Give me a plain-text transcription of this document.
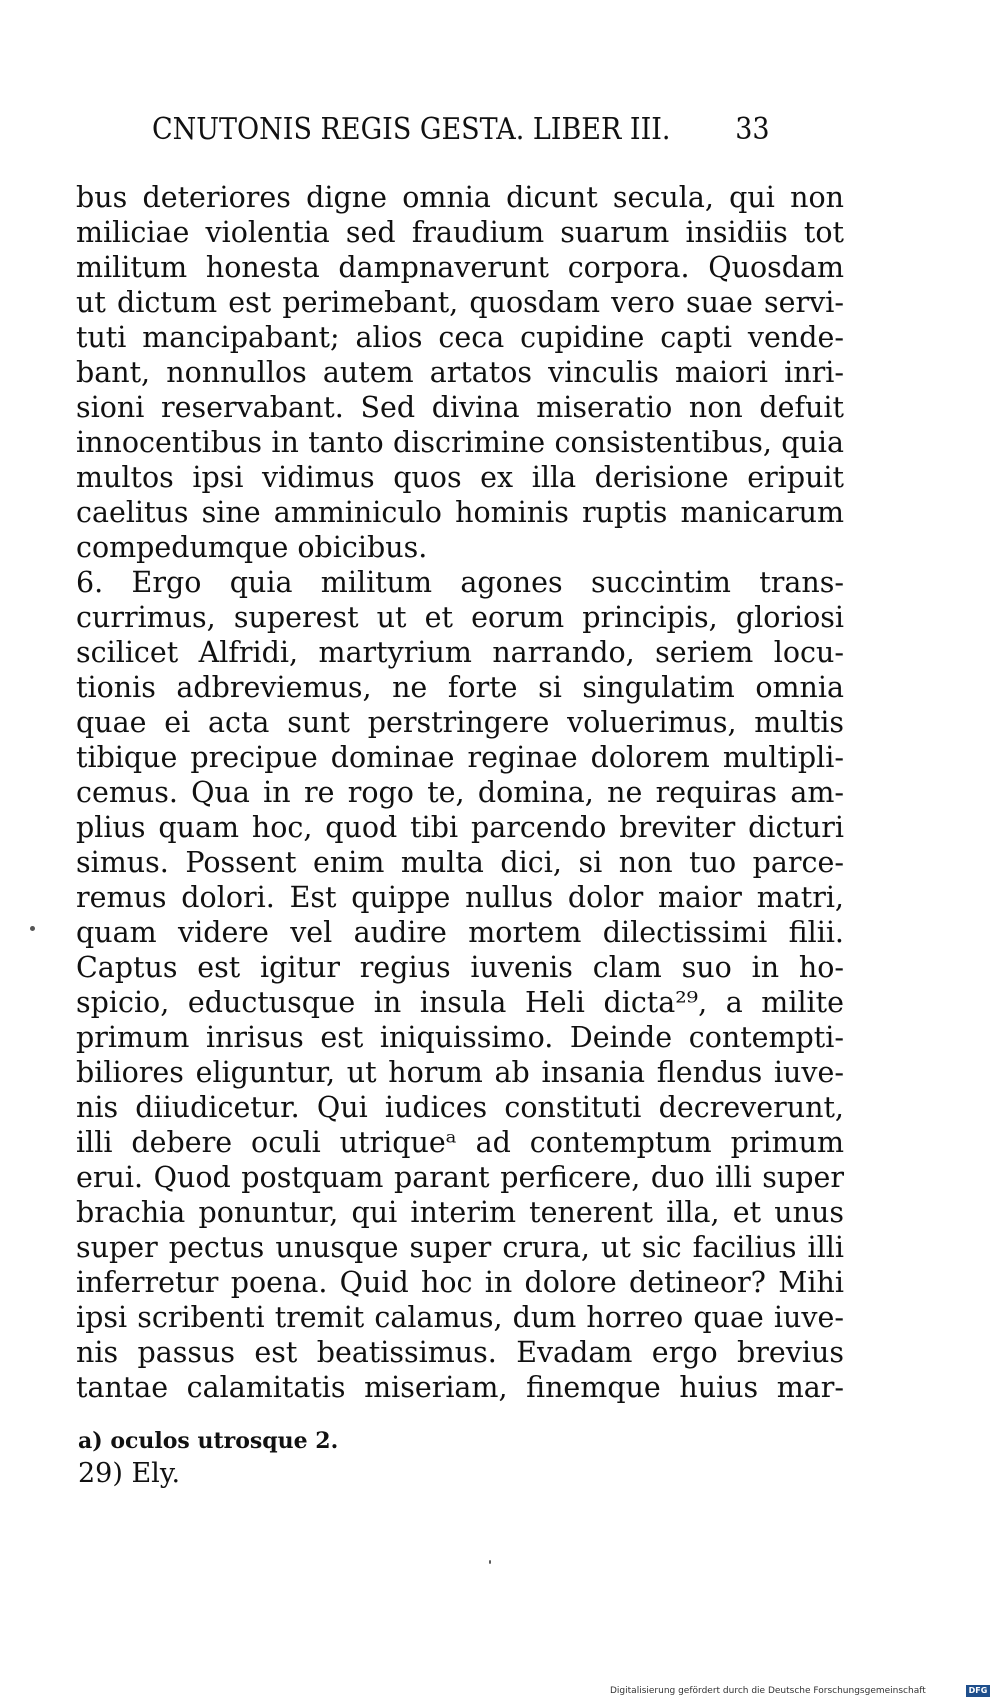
CNUTONIS REGIS GESTA. LIBER III. 33
bus deteriores digne omnia dicunt secula, qui non
miliciae violentia sed fraudium suarum insidiis tot
militum honesta dampnaverunt corpora. Quosdam
ut dictum est perimebant, quosdam vero suae servi-
tuti mancipabant; alios ceca cupidine capti vende-
bant, nonnullos autem artatos vinculis maiori inri-
sioni reservabant. Sed divina miseratio non defuit
innocentibus in tanto discrimine consistentibus, quia
multos ipsi vidimus quos ex illa derisione eripuit
caelitus sine amminiculo hominis ruptis manicarum
compedumque obicibus.
6. Ergo quia militum agones succintim trans-
currimus, superest ut et eorum principis, gloriosi
scilicet Alfridi, martyrium narrando, seriem locu-
tionis adbreviemus, ne forte si singulatim omnia
quae ei acta sunt perstringere voluerimus, multis
tibique precipue dominae reginae dolorem multipli-
cemus. Qua in re rogo te, domina, ne requiras am-
plius quam hoc, quod tibi parcendo breviter dicturi
simus. Possent enim multa dici, si non tuo parce-
remus dolori. Est quippe nullus dolor maior matri,
quam videre vel audire mortem dilectissimi filii.
Captus est igitur regius iuvenis clam suo in ho-
spicio, eductusque in insula Heli dicta²⁹, a milite
primum inrisus est iniquissimo. Deinde contempti-
biliores eliguntur, ut horum ab insania flendus iuve-
nis diiudicetur. Qui iudices constituti decreverunt,
illi debere oculi utriqueᵃ ad contemptum primum
erui. Quod postquam parant perficere, duo illi super
brachia ponuntur, qui interim tenerent illa, et unus
super pectus unusque super crura, ut sic facilius illi
inferretur poena. Quid hoc in dolore detineor? Mihi
ipsi scribenti tremit calamus, dum horreo quae iuve-
nis passus est beatissimus. Evadam ergo brevius
tantae calamitatis miseriam, finemque huius mar-
a) oculos utrosque 2.
29) Ely.
Digitalisierung gefördert durch die Deutsche Forschungsgemeinschaft	DFG
